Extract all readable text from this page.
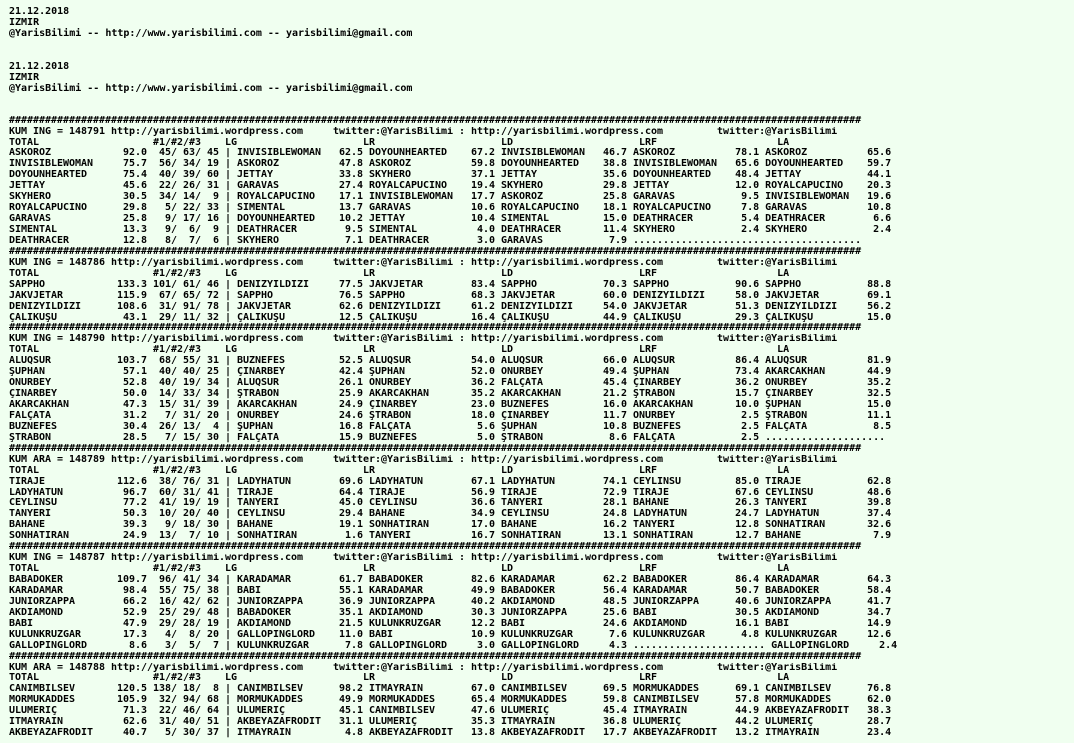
21.12.2018
IZMIR
@YarisBilimi -- http://www.yarisbilimi.com -- yarisbilimi@gmail.com
21.12.2018
IZMIR
@YarisBilimi -- http://www.yarisbilimi.com -- yarisbilimi@gmail.com
##############################################################################################################################################
KUM ING = 148791 http://yarisbilimi.wordpress.com     twitter:@YarisBilimi : http://yarisbilimi.wordpress.com         twitter:@YarisBilimi
TOTAL                   #1/#2/#3    LG                     LR                     LD                     LRF                    LA
ASKOROZ            92.0  45/ 63/ 45 | INVISIBLEWOMAN   62.5 DOYOUNHEARTED    67.2 INVISIBLEWOMAN   46.7 ASKOROZ          78.1 ASKOROZ          65.6
INVISIBLEWOMAN     75.7  56/ 34/ 19 | ASKOROZ          47.8 ASKOROZ          59.8 DOYOUNHEARTED    38.8 INVISIBLEWOMAN   65.6 DOYOUNHEARTED    59.7
DOYOUNHEARTED      75.4  40/ 39/ 60 | JETTAY           33.8 SKYHERO          37.1 JETTAY           35.6 DOYOUNHEARTED    48.4 JETTAY           44.1
JETTAY             45.6  22/ 26/ 31 | GARAVAS          27.4 ROYALCAPUCINO    19.4 SKYHERO          29.8 JETTAY           12.0 ROYALCAPUCINO    20.3
SKYHERO            30.5  34/ 14/  9 | ROYALCAPUCINO    17.1 INVISIBLEWOMAN   17.7 ASKOROZ          25.8 GARAVAS           9.5 INVISIBLEWOMAN   19.6
ROYALCAPUCINO      29.8   5/ 22/ 33 | SIMENTAL         13.7 GARAVAS          10.6 ROYALCAPUCINO    18.1 ROYALCAPUCINO     7.8 GARAVAS          10.8
GARAVAS            25.8   9/ 17/ 16 | DOYOUNHEARTED    10.2 JETTAY           10.4 SIMENTAL         15.0 DEATHRACER        5.4 DEATHRACER        6.6
SIMENTAL           13.3   9/  6/  9 | DEATHRACER        9.5 SIMENTAL          4.0 DEATHRACER       11.4 SKYHERO           2.4 SKYHERO           2.4
DEATHRACER         12.8   8/  7/  6 | SKYHERO           7.1 DEATHRACER        3.0 GARAVAS           7.9 ......................................
##############################################################################################################################################
KUM ING = 148786 http://yarisbilimi.wordpress.com     twitter:@YarisBilimi : http://yarisbilimi.wordpress.com         twitter:@YarisBilimi
TOTAL                   #1/#2/#3    LG                     LR                     LD                     LRF                    LA
SAPPHO            133.3 101/ 61/ 46 | DENİZYILDIZI     77.5 JAKVJETAR        83.4 SAPPHO           70.3 SAPPHO           90.6 SAPPHO           88.8
JAKVJETAR         115.9  67/ 65/ 72 | SAPPHO           76.5 SAPPHO           68.3 JAKVJETAR        60.0 DENİZYILDIZI     58.0 JAKVJETAR        69.1
DENİZYILDIZI      108.6  31/ 91/ 78 | JAKVJETAR        62.6 DENİZYILDIZI     61.2 DENİZYILDIZI     54.0 JAKVJETAR        51.3 DENİZYILDIZI     56.2
ÇALIKUŞU           43.1  29/ 11/ 32 | ÇALIKUŞU         12.5 ÇALIKUŞU         16.4 ÇALIKUŞU         44.9 ÇALIKUŞU         29.3 ÇALIKUŞU         15.0
##############################################################################################################################################
KUM ING = 148790 http://yarisbilimi.wordpress.com     twitter:@YarisBilimi : http://yarisbilimi.wordpress.com         twitter:@YarisBilimi
TOTAL                   #1/#2/#3    LG                     LR                     LD                     LRF                    LA
ALUQSUR           103.7  68/ 55/ 31 | BUZNEFES         52.5 ALUQSUR          54.0 ALUQSUR          66.0 ALUQSUR          86.4 ALUQSUR          81.9
ŞUPHAN             57.1  40/ 40/ 25 | ÇINARBEY         42.4 ŞUPHAN           52.0 ONURBEY          49.4 ŞUPHAN           73.4 AKARCAKHAN       44.9
ONURBEY            52.8  40/ 19/ 34 | ALUQSUR          26.1 ONURBEY          36.2 FALÇATA          45.4 ÇINARBEY         36.2 ONURBEY          35.2
ÇINARBEY           50.0  14/ 33/ 34 | ŞTRABON          25.9 AKARCAKHAN       35.2 AKARCAKHAN       21.2 ŞTRABON          15.7 ÇINARBEY         32.5
AKARCAKHAN         47.3  15/ 31/ 39 | AKARCAKHAN       24.9 ÇINARBEY         23.0 BUZNEFES         16.0 AKARCAKHAN       10.0 ŞUPHAN           15.0
FALÇATA            31.2   7/ 31/ 20 | ONURBEY          24.6 ŞTRABON          18.0 ÇINARBEY         11.7 ONURBEY           2.5 ŞTRABON          11.1
BUZNEFES           30.4  26/ 13/  4 | ŞUPHAN           16.8 FALÇATA           5.6 ŞUPHAN           10.8 BUZNEFES          2.5 FALÇATA           8.5
ŞTRABON            28.5   7/ 15/ 30 | FALÇATA          15.9 BUZNEFES          5.0 ŞTRABON           8.6 FALÇATA           2.5 ....................
##############################################################################################################################################
KUM ARA = 148789 http://yarisbilimi.wordpress.com     twitter:@YarisBilimi : http://yarisbilimi.wordpress.com         twitter:@YarisBilimi
TOTAL                   #1/#2/#3    LG                     LR                     LD                     LRF                    LA
TİRAJE            112.6  38/ 76/ 31 | LADYHATUN        69.6 LADYHATUN        67.1 LADYHATUN        74.1 CEYLİNSU         85.0 TİRAJE           62.8
LADYHATUN          96.7  60/ 31/ 41 | TİRAJE           64.4 TİRAJE           56.9 TİRAJE           72.9 TİRAJE           67.6 CEYLİNSU         48.6
CEYLİNSU           77.2  41/ 19/ 19 | TANYERİ          45.0 CEYLİNSU         36.6 TANYERİ          28.1 BAHANE           26.3 TANYERİ          39.8
TANYERİ            50.3  10/ 20/ 40 | CEYLİNSU         29.4 BAHANE           34.9 CEYLİNSU         24.8 LADYHATUN        24.7 LADYHATUN        37.4
BAHANE             39.3   9/ 18/ 30 | BAHANE           19.1 SONHATIRAN       17.0 BAHANE           16.2 TANYERİ          12.8 SONHATIRAN       32.6
SONHATIRAN         24.9  13/  7/ 10 | SONHATIRAN        1.6 TANYERİ          16.7 SONHATIRAN       13.1 SONHATIRAN       12.7 BAHANE            7.9
##############################################################################################################################################
KUM ING = 148787 http://yarisbilimi.wordpress.com     twitter:@YarisBilimi : http://yarisbilimi.wordpress.com         twitter:@YarisBilimi
TOTAL                   #1/#2/#3    LG                     LR                     LD                     LRF                    LA
BABADÖKER         109.7  96/ 41/ 34 | KARADAMAR        61.7 BABADÖKER        82.6 KARADAMAR        62.2 BABADÖKER        86.4 KARADAMAR        64.3
KARADAMAR          98.4  55/ 75/ 38 | BABİ             55.1 KARADAMAR        49.9 BABADÖKER        56.4 KARADAMAR        50.7 BABADÖKER        58.4
JUNIORZAPPA        66.2  16/ 42/ 62 | JUNIORZAPPA      36.9 JUNIORZAPPA      40.2 AKDIAMOND        48.5 JUNIORZAPPA      40.6 JUNIORZAPPA      41.7
AKDIAMOND          52.9  25/ 29/ 48 | BABADÖKER        35.1 AKDIAMOND        30.3 JUNIORZAPPA      25.6 BABİ             30.5 AKDIAMOND        34.7
BABİ               47.9  29/ 28/ 19 | AKDIAMOND        21.5 KULUNKRÜZGAR     12.2 BABİ             24.6 AKDIAMOND        16.1 BABİ             14.9
KULUNKRÜZGAR       17.3   4/  8/ 20 | GALLOPINGLORD    11.0 BABİ             10.9 KULUNKRÜZGAR      7.6 KULUNKRÜZGAR      4.8 KULUNKRÜZGAR     12.6
GALLOPINGLORD       8.6   3/  5/  7 | KULUNKRÜZGAR      7.8 GALLOPINGLORD     3.0 GALLOPINGLORD     4.3 ...................... GALLOPINGLORD     2.4
##############################################################################################################################################
KUM ARA = 148788 http://yarisbilimi.wordpress.com     twitter:@YarisBilimi : http://yarisbilimi.wordpress.com         twitter:@YarisBilimi
TOTAL                   #1/#2/#3    LG                     LR                     LD                     LRF                    LA
CANIMBİLSEV       120.5 138/ 18/  8 | CANIMBİLSEV      98.2 ITMAYRAIN        67.0 CANIMBİLSEV      69.5 MORMUKADDES      69.1 CANIMBİLSEV      76.8
MORMUKADDES       105.9  32/ 94/ 68 | MORMUKADDES      49.9 MORMUKADDES      65.4 MORMUKADDES      59.8 CANIMBİLSEV      57.8 MORMUKADDES      62.0
ULUMERİÇ           71.3  22/ 46/ 64 | ULUMERİÇ         45.1 CANIMBİLSEV      47.6 ULUMERİÇ         45.4 ITMAYRAIN        44.9 AKBEYAZAFRODİT   38.3
ITMAYRAIN          62.6  31/ 40/ 51 | AKBEYAZAFRODİT   31.1 ULUMERİÇ         35.3 ITMAYRAIN        36.8 ULUMERİÇ         44.2 ULUMERİÇ         28.7
AKBEYAZAFRODİT     40.7   5/ 30/ 37 | ITMAYRAIN         4.8 AKBEYAZAFRODİT   13.8 AKBEYAZAFRODİT   17.7 AKBEYAZAFRODİT   13.2 ITMAYRAIN        23.4
